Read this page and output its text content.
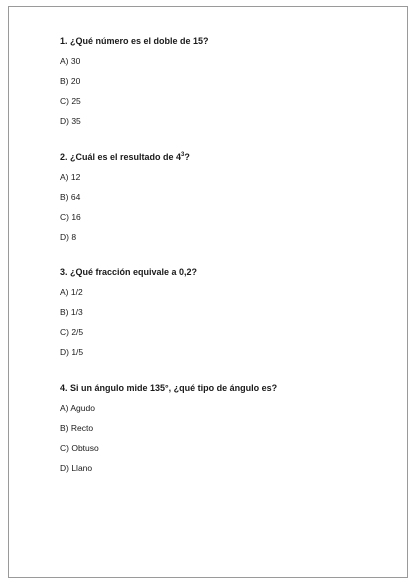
1. ¿Qué número es el doble de 15?
A) 30
B) 20
C) 25
D) 35
2. ¿Cuál es el resultado de $4^3$?
A) 12
B) 64
C) 16
D) 8
3. ¿Qué fracción equivale a 0,2?
A) 1/2
B) 1/3
C) 2/5
D) 1/5
4. Si un ángulo mide 135°, ¿qué tipo de ángulo es?
A) Agudo
B) Recto
C) Obtuso
D) Llano
